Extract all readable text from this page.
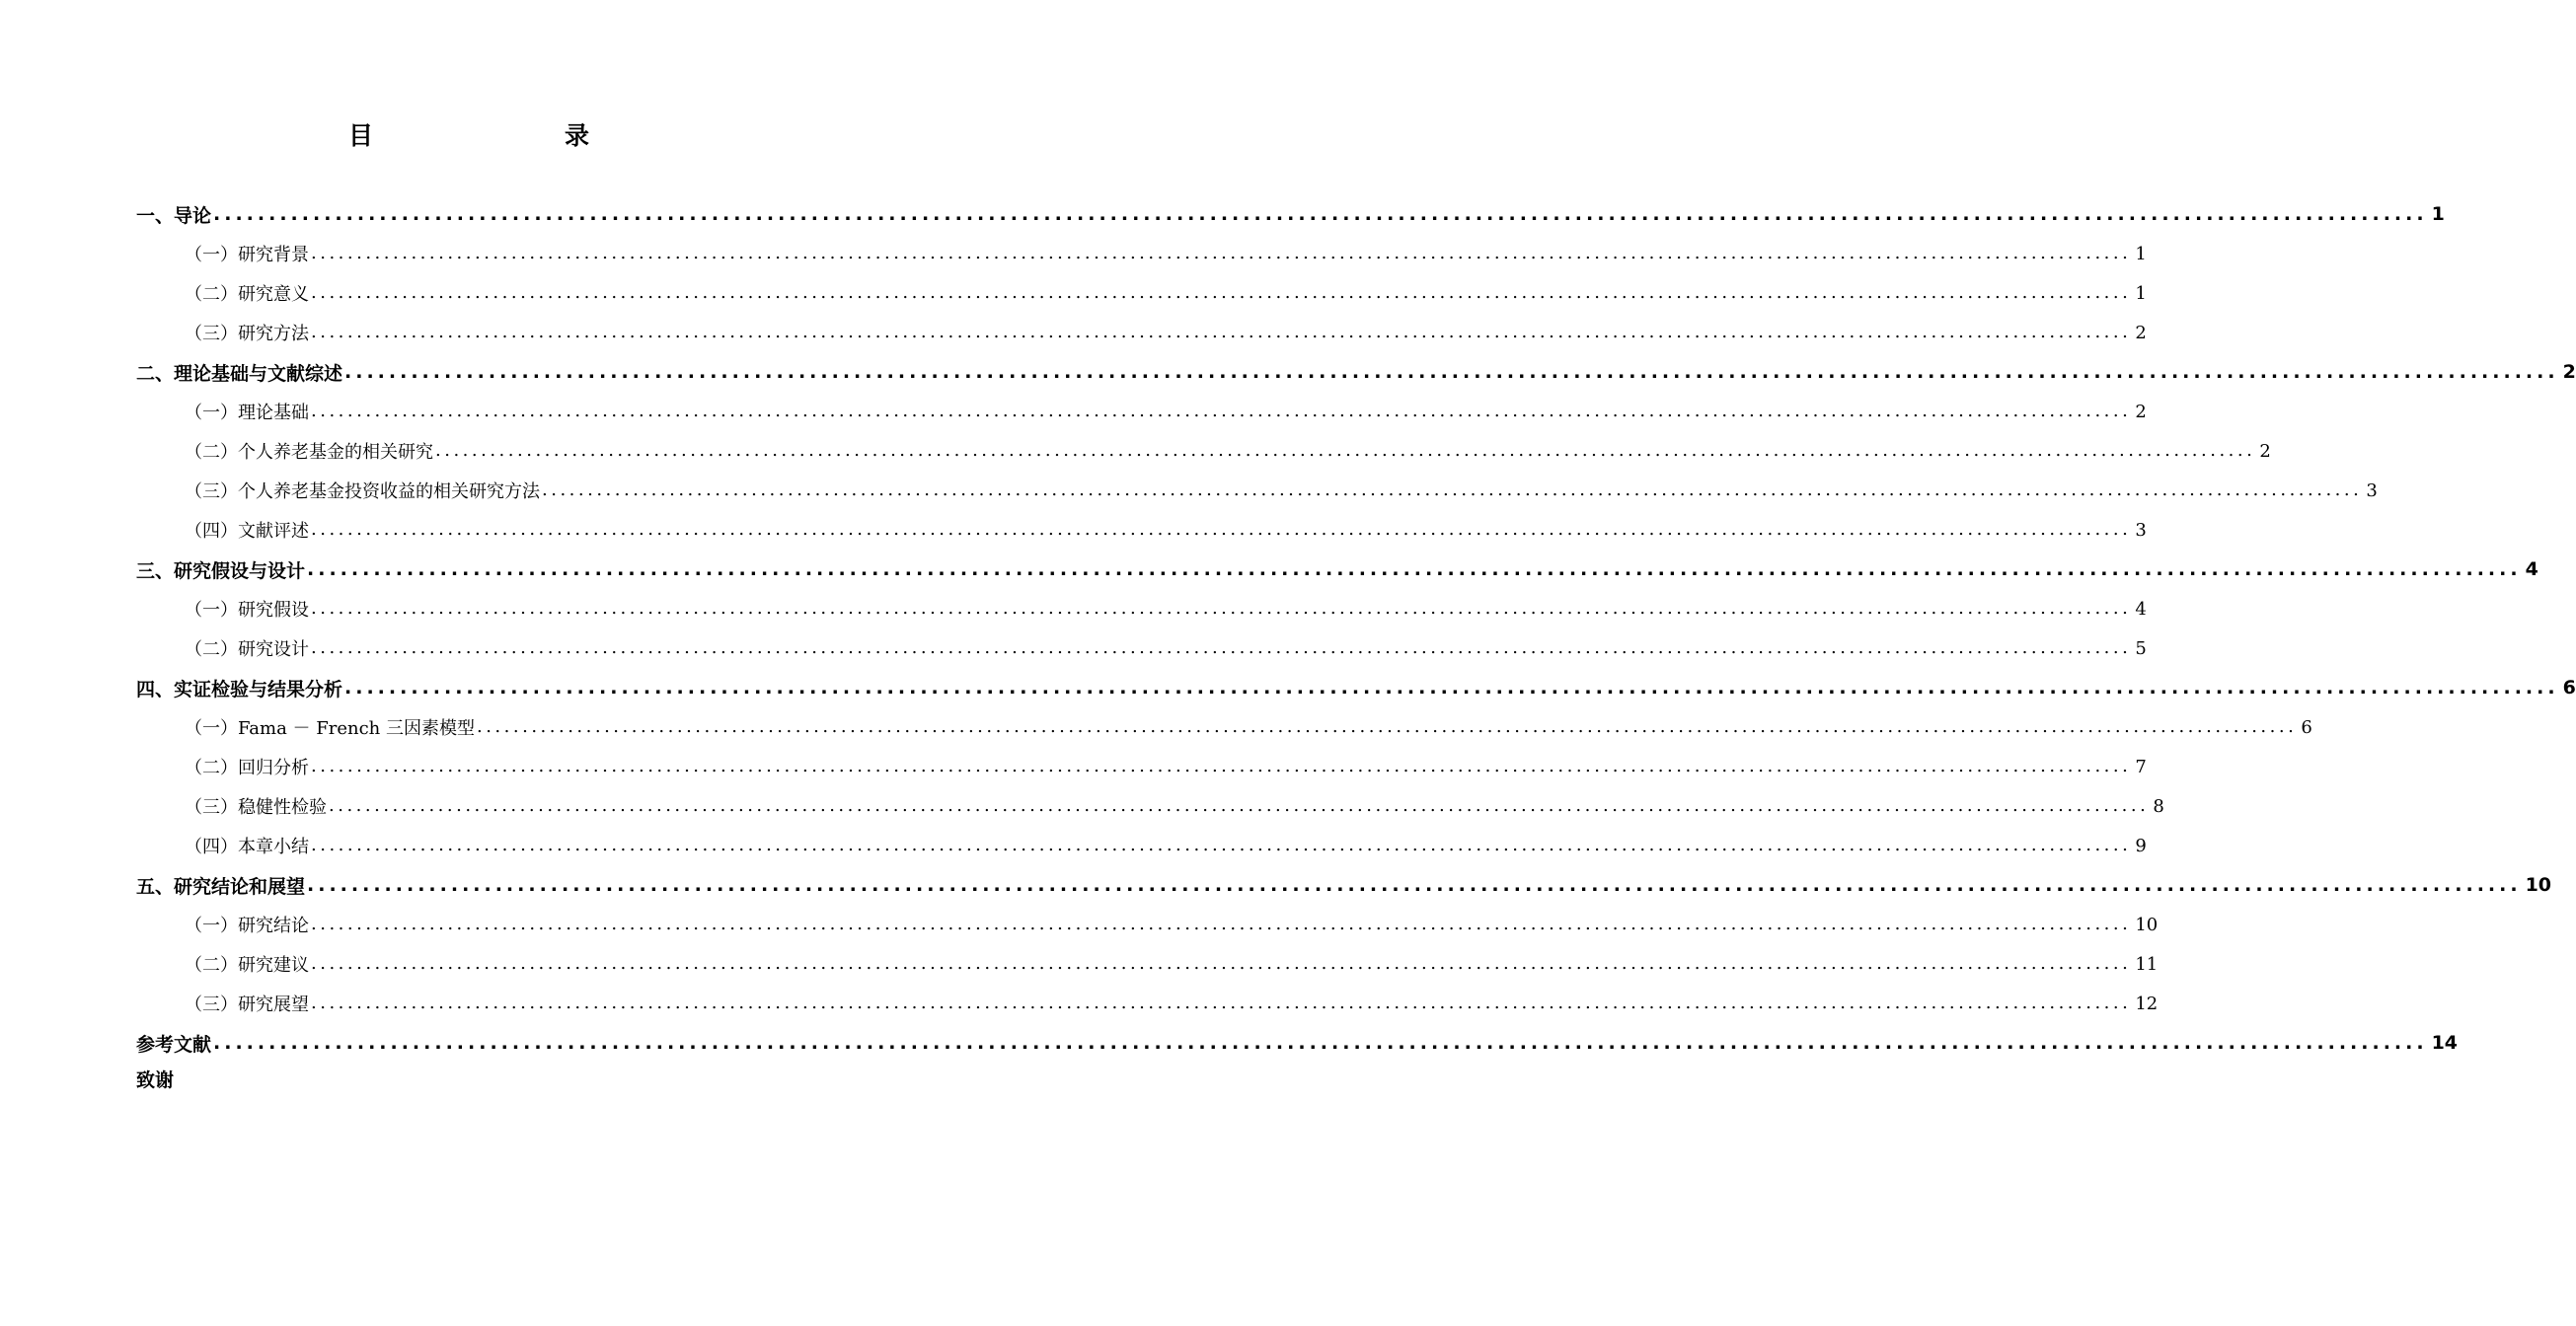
目　　录
一、导论 ........................................................................................................................................................................................................ 1
（一）研究背景 ........................................................................................................................................................................................................ 1
（二）研究意义 ........................................................................................................................................................................................................ 1
（三）研究方法 ........................................................................................................................................................................................................ 2
二、理论基础与文献综述 ........................................................................................................................................................................................................ 2
（一）理论基础 ........................................................................................................................................................................................................ 2
（二）个人养老基金的相关研究 ........................................................................................................................................................................................................ 2
（三）个人养老基金投资收益的相关研究方法 ........................................................................................................................................................................................................ 3
（四）文献评述 ........................................................................................................................................................................................................ 3
三、研究假设与设计 ........................................................................................................................................................................................................ 4
（一）研究假设 ........................................................................................................................................................................................................ 4
（二）研究设计 ........................................................................................................................................................................................................ 5
四、实证检验与结果分析 ........................................................................................................................................................................................................ 6
（一）Fama － French 三因素模型 ........................................................................................................................................................................................................ 6
（二）回归分析 ........................................................................................................................................................................................................ 7
（三）稳健性检验 ........................................................................................................................................................................................................ 8
（四）本章小结 ........................................................................................................................................................................................................ 9
五、研究结论和展望 ........................................................................................................................................................................................................ 10
（一）研究结论 ........................................................................................................................................................................................................ 10
（二）研究建议 ........................................................................................................................................................................................................ 11
（三）研究展望 ........................................................................................................................................................................................................ 12
参考文献 ........................................................................................................................................................................................................ 14
致谢
